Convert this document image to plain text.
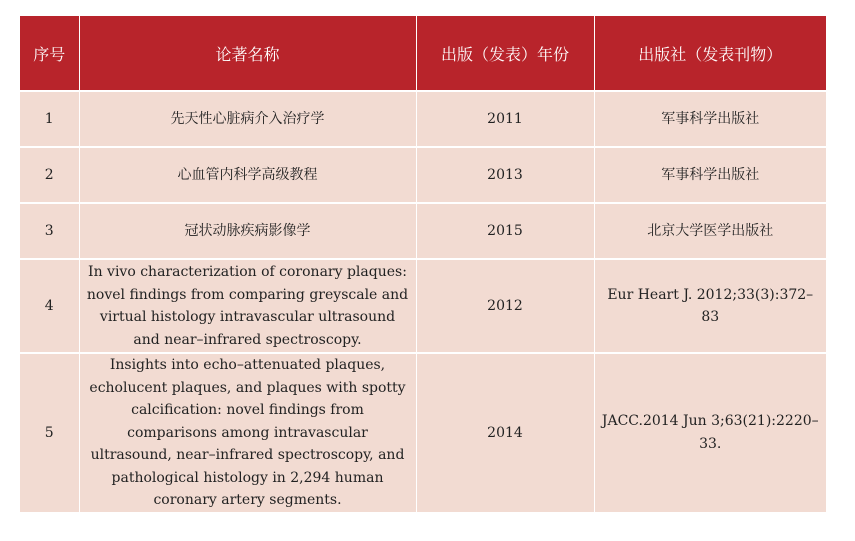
序号	论著名称	出版（发表）年份	出版社（发表刊物）
1	先天性心脏病介入治疗学	2011	军事科学出版社
2	心血管内科学高级教程	2013	军事科学出版社
3	冠状动脉疾病影像学	2015	北京大学医学出版社
4	In vivo characterization of coronary plaques: novel findings from comparing greyscale and virtual histology intravascular ultrasound and near–infrared spectroscopy.	2012	Eur Heart J. 2012;33(3):372–83
5	Insights into echo–attenuated plaques, echolucent plaques, and plaques with spotty calcification: novel findings from comparisons among intravascular ultrasound, near–infrared spectroscopy, and pathological histology in 2,294 human coronary artery segments.	2014	JACC.2014 Jun 3;63(21):2220–33.
